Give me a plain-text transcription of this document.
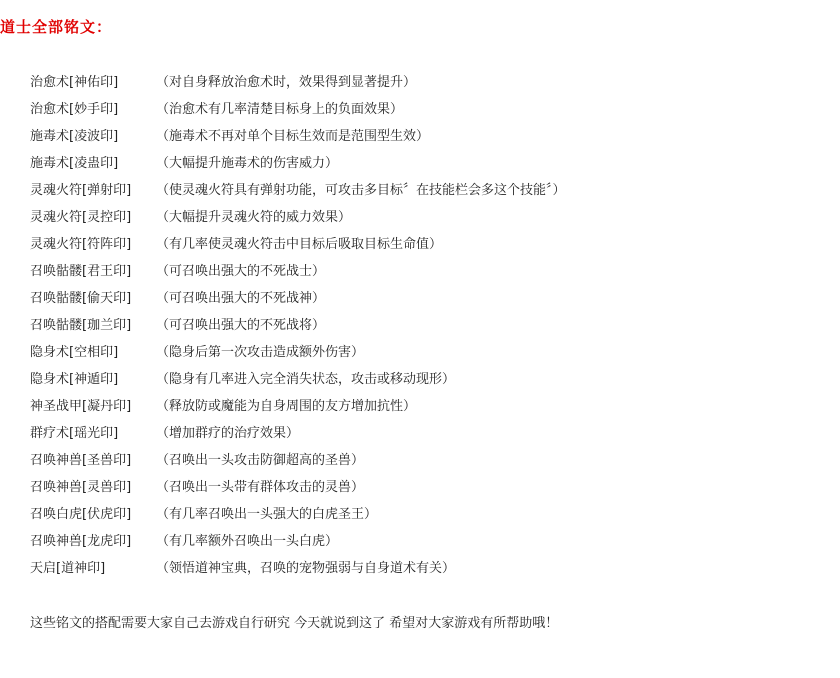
道士全部铭文：
治愈术[神佑印]	（对自身释放治愈术时，效果得到显著提升）
治愈术[妙手印]	（治愈术有几率清楚目标身上的负面效果）
施毒术[凌波印]	（施毒术不再对单个目标生效而是范围型生效）
施毒术[凌蛊印]	（大幅提升施毒术的伤害威力）
灵魂火符[弹射印] （使灵魂火符具有弹射功能，可攻击多目标〞在技能栏会多这个技能〞）
灵魂火符[灵控印] （大幅提升灵魂火符的威力效果）
灵魂火符[符阵印] （有几率使灵魂火符击中目标后吸取目标生命值）
召唤骷髅[君王印] （可召唤出强大的不死战士）
召唤骷髅[偷天印] （可召唤出强大的不死战神）
召唤骷髅[珈兰印] （可召唤出强大的不死战将）
隐身术[空相印]	（隐身后第一次攻击造成额外伤害）
隐身术[神遁印]	（隐身有几率进入完全消失状态，攻击或移动现形）
神圣战甲[凝丹印] （释放防或魔能为自身周围的友方增加抗性）
群疗术[瑶光印]	（增加群疗的治疗效果）
召唤神兽[圣兽印] （召唤出一头攻击防御超高的圣兽）
召唤神兽[灵兽印] （召唤出一头带有群体攻击的灵兽）
召唤白虎[伏虎印] （有几率召唤出一头强大的白虎圣王）
召唤神兽[龙虎印] （有几率额外召唤出一头白虎）
天启[道神印]	（领悟道神宝典，召唤的宠物强弱与自身道术有关）
这些铭文的搭配需要大家自己去游戏自行研究 今天就说到这了 希望对大家游戏有所帮助哦！
